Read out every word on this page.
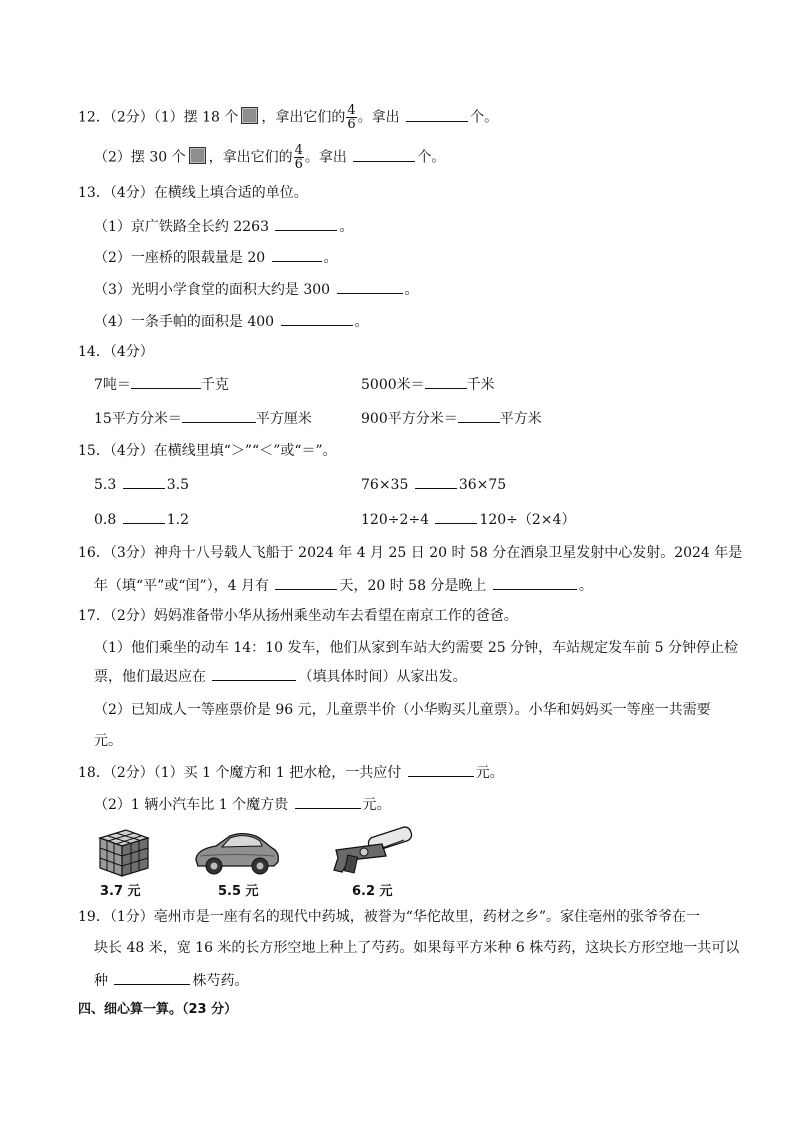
12．（2分）（1）摆 18 个 ，拿出它们的 $\frac{4}{6}$ 。拿出	个。
（2）摆 30 个 ，拿出它们的 $\frac{4}{6}$ 。拿出	个。
13．（4分）在横线上填合适的单位。
（1）京广铁路全长约 2263	。
（2）一座桥的限载量是 20	。
（3）光明小学食堂的面积大约是 300	。
（4）一条手帕的面积是 400	。
14．（4分）
7吨＝	千克	5000米＝	千米
15平方分米＝	平方厘米	900平方分米＝	平方米
15．（4分）在横线里填“＞”“＜”或“＝”。
5.3	3.5	76×35	36×75
0.8	1.2	120÷2÷4	120÷（2×4）
16．（3分）神舟十八号载人飞船于 2024 年 4 月 25 日 20 时 58 分在酒泉卫星发射中心发射。2024 年是
年（填“平”或“闰”），4 月有	天，20 时 58 分是晚上	。
17．（2分）妈妈准备带小华从扬州乘坐动车去看望在南京工作的爸爸。
（1）他们乘坐的动车 14：10 发车，他们从家到车站大约需要 25 分钟，车站规定发车前 5 分钟停止检
票，他们最迟应在	（填具体时间）从家出发。
（2）已知成人一等座票价是 96 元，儿童票半价（小华购买儿童票）。小华和妈妈买一等座一共需要
元。
18．（2分）（1）买 1 个魔方和 1 把水枪，一共应付	元。
（2）1 辆小汽车比 1 个魔方贵	元。
3.7 元	5.5 元	6.2 元
19．（1分）亳州市是一座有名的现代中药城，被誉为“华佗故里，药材之乡”。家住亳州的张爷爷在一
块长 48 米，宽 16 米的长方形空地上种上了芍药。如果每平方米种 6 株芍药，这块长方形空地一共可以
种	株芍药。
四、细心算一算。（23 分）
